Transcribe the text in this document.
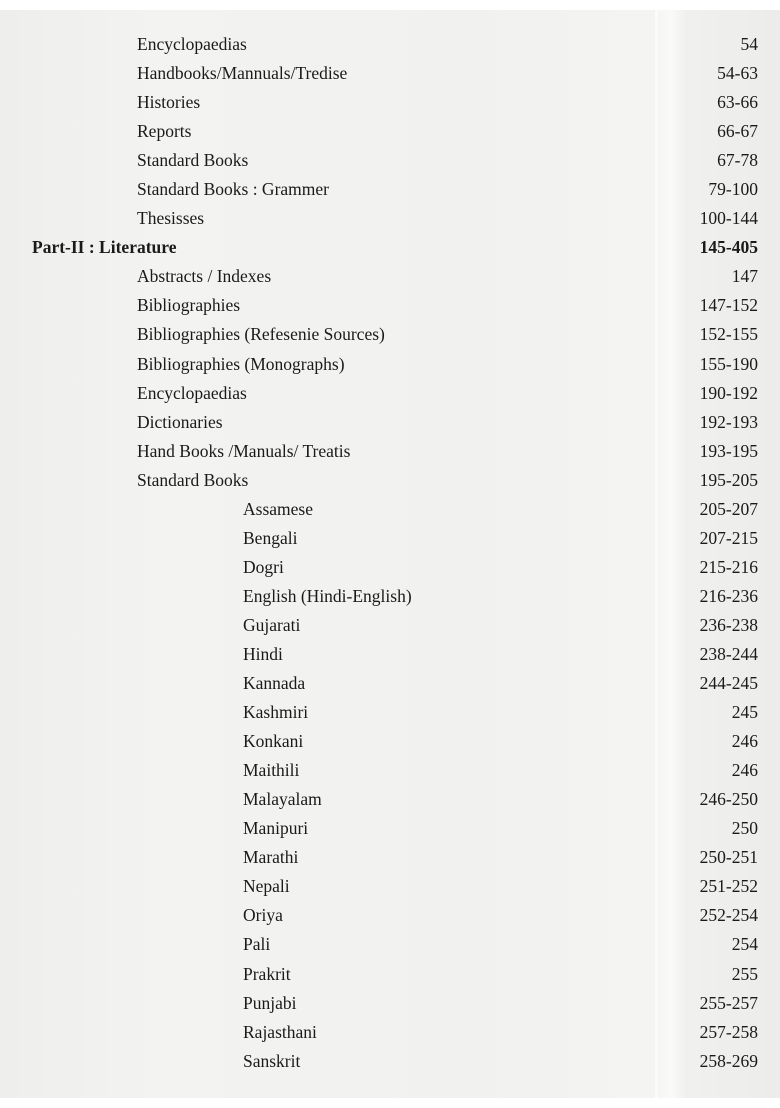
Encyclopaedias	54
Handbooks/Mannuals/Tredise	54-63
Histories	63-66
Reports	66-67
Standard Books	67-78
Standard Books : Grammer	79-100
Thesisses	100-144
Part-II : Literature	145-405
Abstracts / Indexes	147
Bibliographies	147-152
Bibliographies (Refesenie Sources)	152-155
Bibliographies (Monographs)	155-190
Encyclopaedias	190-192
Dictionaries	192-193
Hand Books /Manuals/ Treatis	193-195
Standard Books	195-205
Assamese	205-207
Bengali	207-215
Dogri	215-216
English (Hindi-English)	216-236
Gujarati	236-238
Hindi	238-244
Kannada	244-245
Kashmiri	245
Konkani	246
Maithili	246
Malayalam	246-250
Manipuri	250
Marathi	250-251
Nepali	251-252
Oriya	252-254
Pali	254
Prakrit	255
Punjabi	255-257
Rajasthani	257-258
Sanskrit	258-269
